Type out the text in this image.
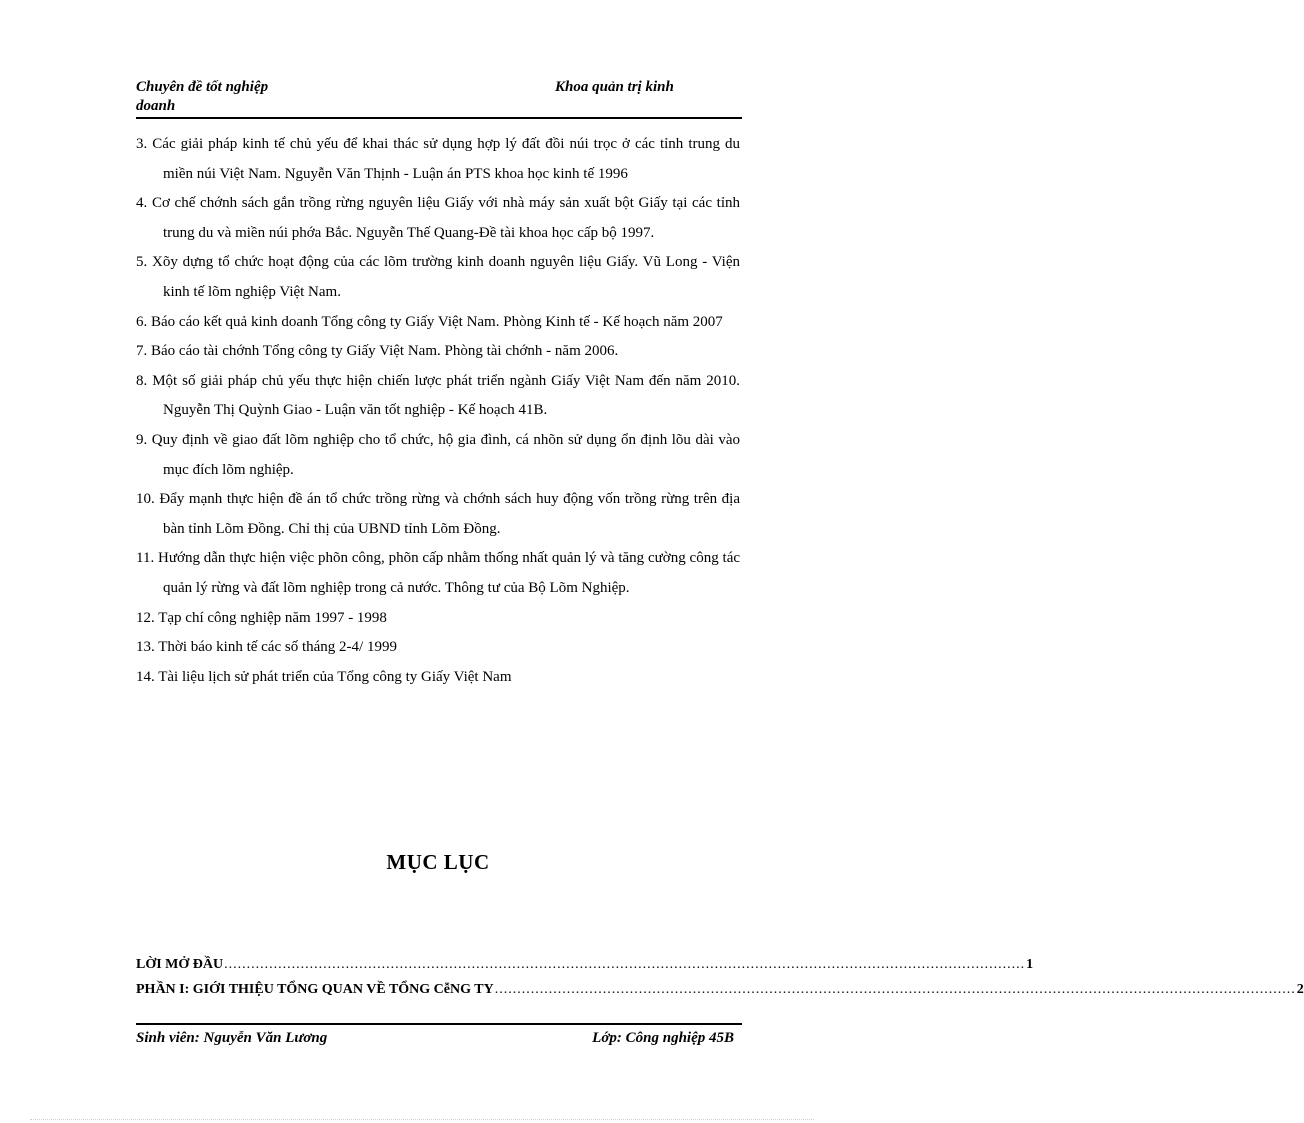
Chuyên đề tốt nghiệp doanh
Khoa quản trị kinh
3. Các giải pháp kinh tế chủ yếu để khai thác sử dụng hợp lý đất đồi núi trọc ở các tỉnh trung du miền núi Việt Nam. Nguyễn Văn Thịnh - Luận án PTS khoa học kinh tế 1996
4. Cơ chế chớnh sách gắn trồng rừng nguyên liệu Giấy với nhà máy sản xuất bột Giấy tại các tỉnh trung du và miền núi phớa Bắc. Nguyễn Thế Quang-Đề tài khoa học cấp bộ 1997.
5. Xõy dựng tổ chức hoạt động của các lõm trường kinh doanh nguyên liệu Giấy. Vũ Long - Viện kinh tế lõm nghiệp Việt Nam.
6. Báo cáo kết quả kinh doanh Tổng công ty Giấy Việt Nam. Phòng Kinh tế - Kế hoạch năm 2007
7. Báo cáo tài chớnh Tổng công ty Giấy Việt Nam. Phòng tài chớnh - năm 2006.
8. Một số giải pháp chủ yếu thực hiện chiến lược phát triển ngành Giấy Việt Nam đến năm 2010. Nguyễn Thị Quỳnh Giao - Luận văn tốt nghiệp - Kế hoạch 41B.
9. Quy định về giao đất lõm nghiệp cho tổ chức, hộ gia đình, cá nhõn sử dụng ổn định lõu dài vào mục đích lõm nghiệp.
10. Đẩy mạnh thực hiện đề án tổ chức trồng rừng và chớnh sách huy động vốn trồng rừng trên địa bàn tỉnh Lõm Đồng. Chỉ thị của UBND tỉnh Lõm Đồng.
11. Hướng dẫn thực hiện việc phõn công, phõn cấp nhằm thống nhất quản lý và tăng cường công tác quản lý rừng và đất lõm nghiệp trong cả nước. Thông tư của Bộ Lõm Nghiệp.
12. Tạp chí công nghiệp năm 1997 - 1998
13. Thời báo kinh tế các số tháng 2-4/ 1999
14. Tài liệu lịch sử phát triển của Tổng công ty Giấy Việt Nam
MỤC LỤC
LỜI MỞ ĐẦU .................................................................................................................................................................................. 1
PHẦN I: GIỚI THIỆU TỔNG QUAN VỀ TỔNG CễNG TY .................................................................................................................................................................................. 2
Sinh viên: Nguyễn Văn Lương	Lớp: Công nghiệp 45B
